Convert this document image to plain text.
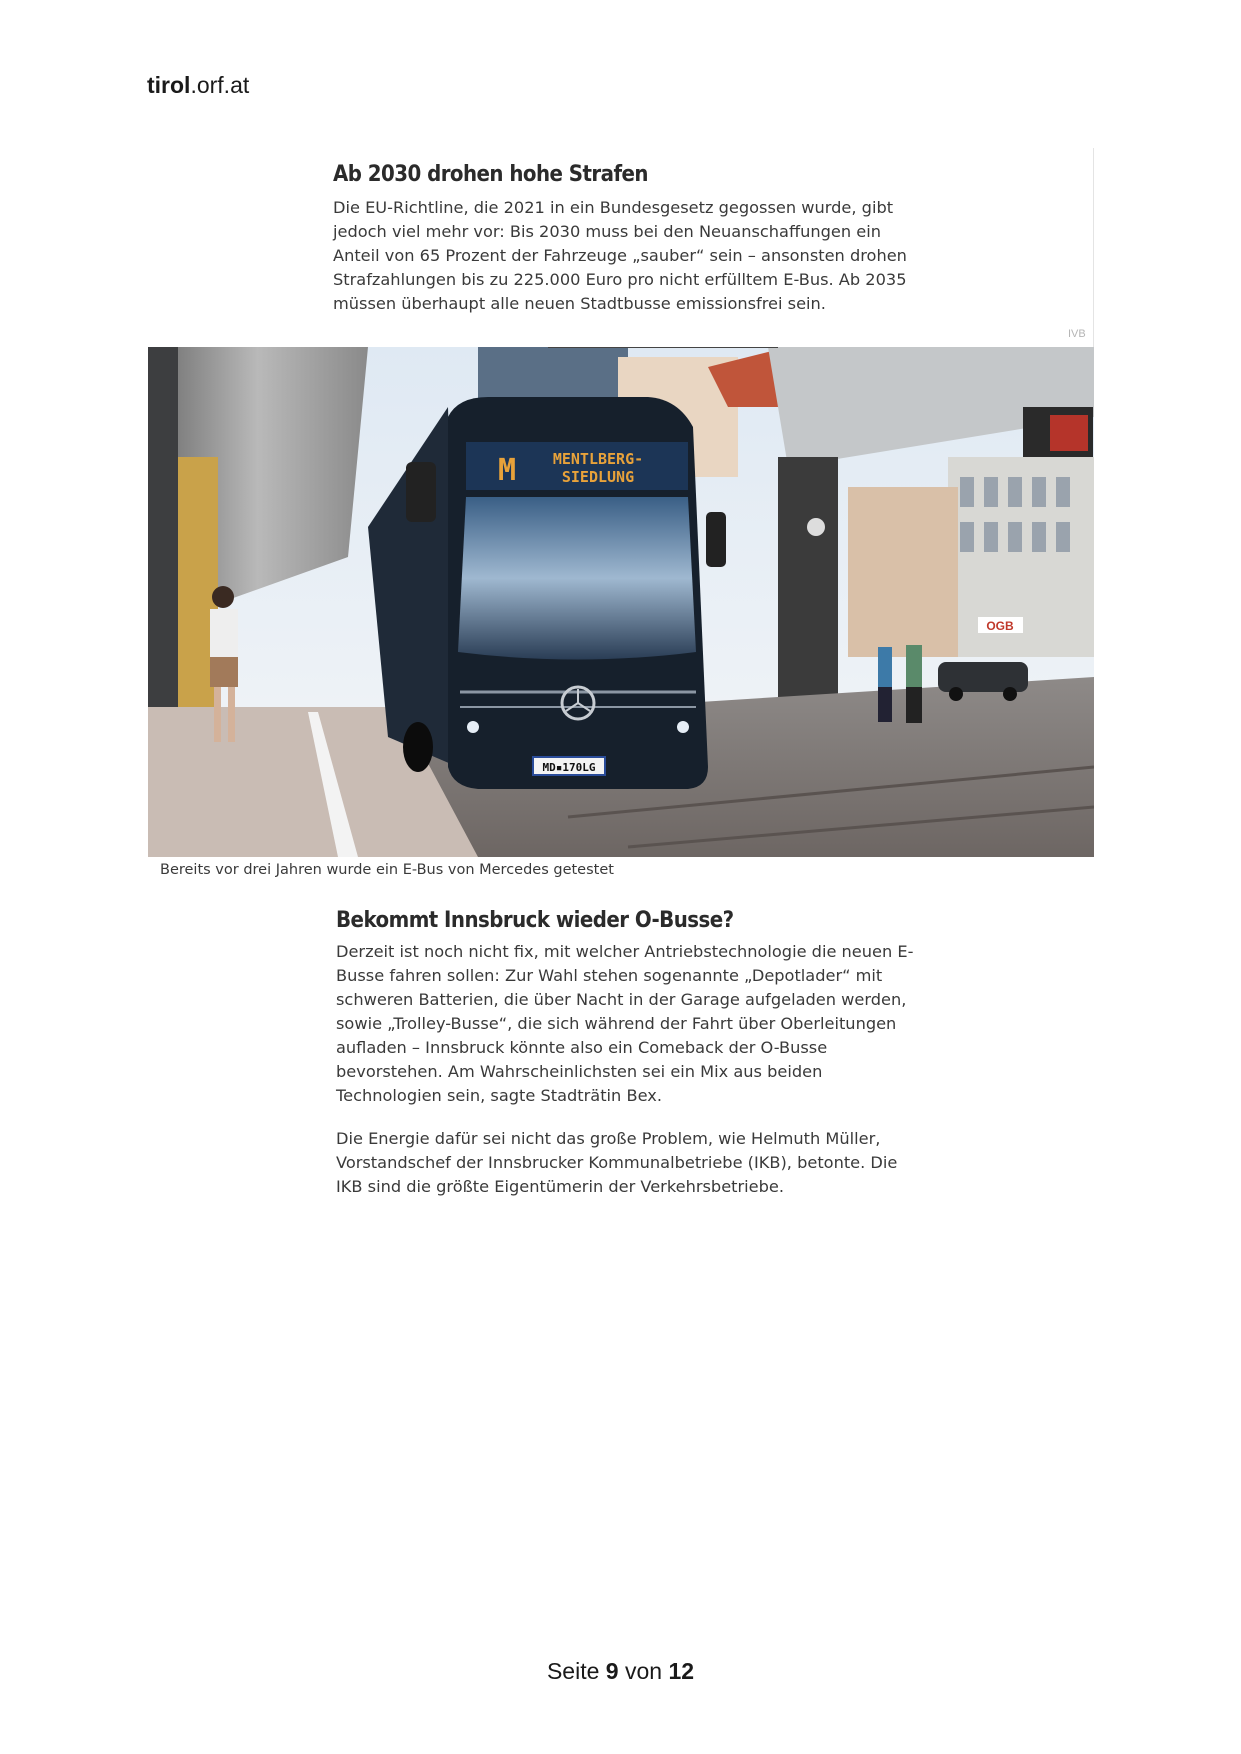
tirol.orf.at
Ab 2030 drohen hohe Strafen
Die EU-Richtline, die 2021 in ein Bundesgesetz gegossen wurde, gibt
jedoch viel mehr vor: Bis 2030 muss bei den Neuanschaffungen ein
Anteil von 65 Prozent der Fahrzeuge „sauber“ sein – ansonsten drohen
Strafzahlungen bis zu 225.000 Euro pro nicht erfülltem E-Bus. Ab 2035
müssen überhaupt alle neuen Stadtbusse emissionsfrei sein.
IVB
OGB
M MENTLBERG-
SIEDLUNG
MD▪170LG
Bereits vor drei Jahren wurde ein E-Bus von Mercedes getestet
Bekommt Innsbruck wieder O-Busse?
Derzeit ist noch nicht fix, mit welcher Antriebstechnologie die neuen E-
Busse fahren sollen: Zur Wahl stehen sogenannte „Depotlader“ mit
schweren Batterien, die über Nacht in der Garage aufgeladen werden,
sowie „Trolley-Busse“, die sich während der Fahrt über Oberleitungen
aufladen – Innsbruck könnte also ein Comeback der O-Busse
bevorstehen. Am Wahrscheinlichsten sei ein Mix aus beiden
Technologien sein, sagte Stadträtin Bex.
Die Energie dafür sei nicht das große Problem, wie Helmuth Müller,
Vorstandschef der Innsbrucker Kommunalbetriebe (IKB), betonte. Die
IKB sind die größte Eigentümerin der Verkehrsbetriebe.
Seite 9 von 12
